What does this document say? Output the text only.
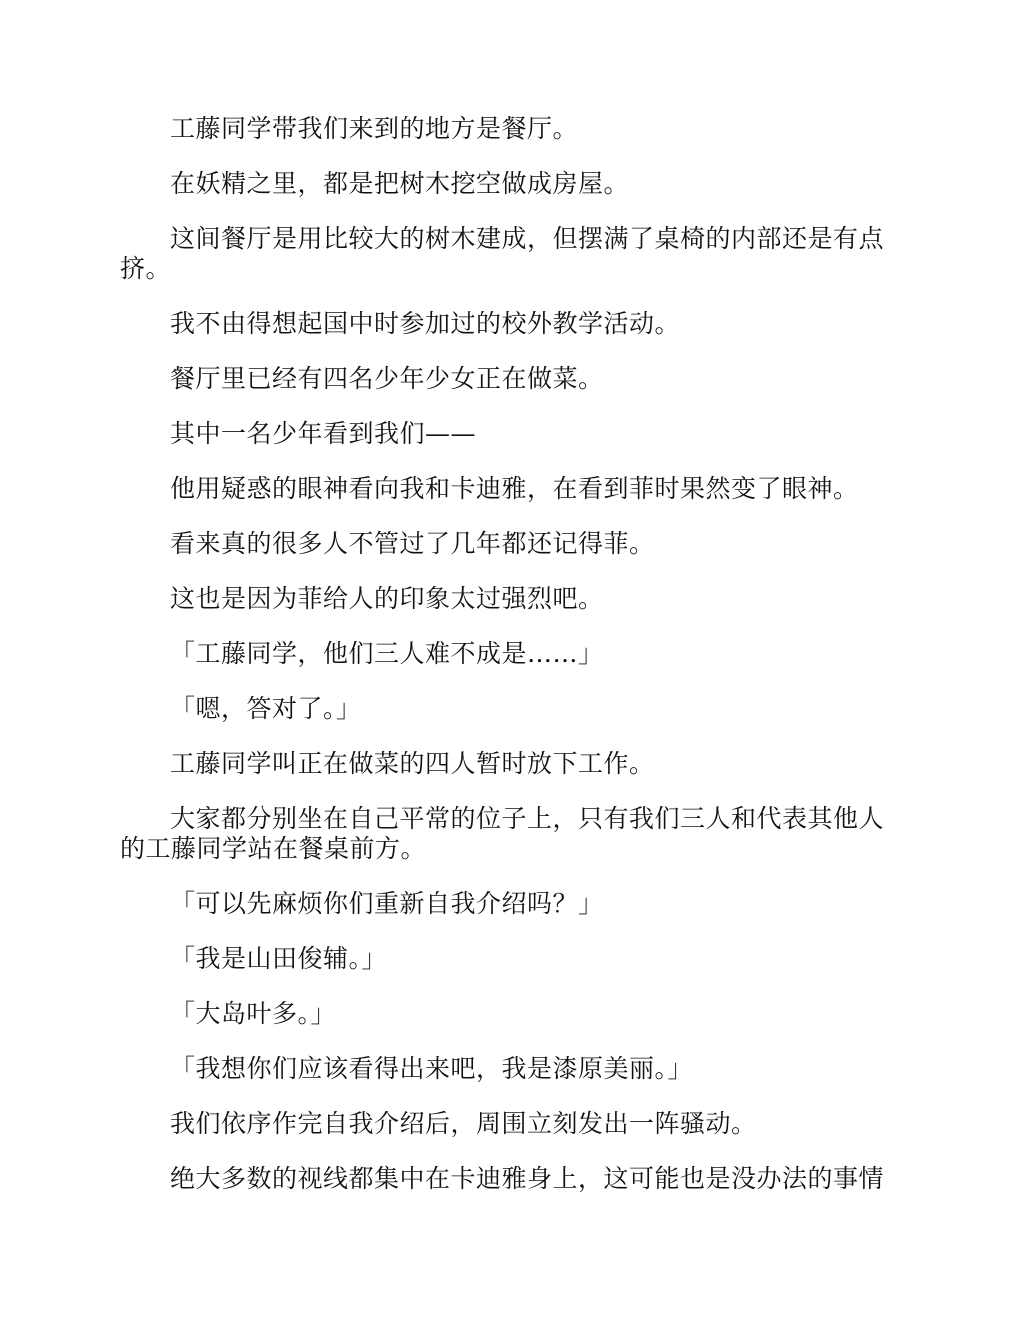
工藤同学带我们来到的地方是餐厅。

在妖精之里，都是把树木挖空做成房屋。

这间餐厅是用比较大的树木建成，但摆满了桌椅的内部还是有点挤。

我不由得想起国中时参加过的校外教学活动。

餐厅里已经有四名少年少女正在做菜。

其中一名少年看到我们——

他用疑惑的眼神看向我和卡迪雅，在看到菲时果然变了眼神。

看来真的很多人不管过了几年都还记得菲。

这也是因为菲给人的印象太过强烈吧。

「工藤同学，他们三人难不成是……」

「嗯，答对了。」

工藤同学叫正在做菜的四人暂时放下工作。

大家都分别坐在自己平常的位子上，只有我们三人和代表其他人的工藤同学站在餐桌前方。

「可以先麻烦你们重新自我介绍吗？」

「我是山田俊辅。」

「大岛叶多。」

「我想你们应该看得出来吧，我是漆原美丽。」

我们依序作完自我介绍后，周围立刻发出一阵骚动。

绝大多数的视线都集中在卡迪雅身上，这可能也是没办法的事情
